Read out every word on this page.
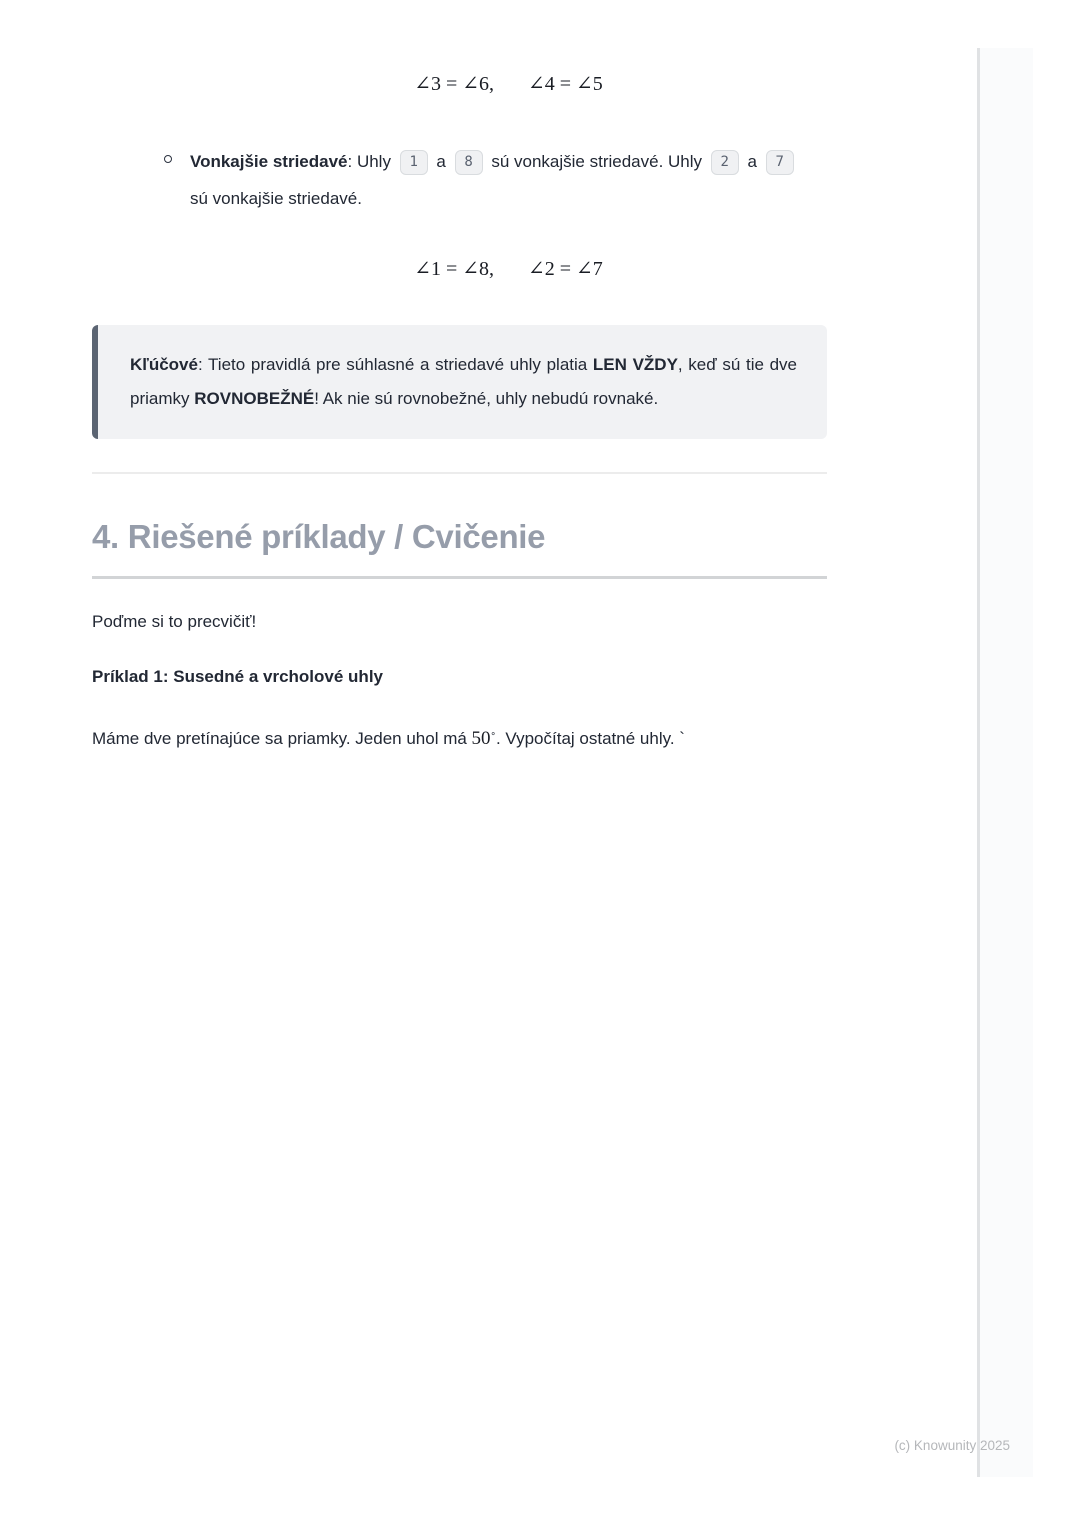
∠3 = ∠6, ∠4 = ∠5
Vonkajšie striedavé: Uhly 1 a 8 sú vonkajšie striedavé. Uhly 2 a 7 sú vonkajšie striedavé.
∠1 = ∠8, ∠2 = ∠7
Kľúčové: Tieto pravidlá pre súhlasné a striedavé uhly platia LEN VŽDY, keď sú tie dve priamky ROVNOBEŽNÉ! Ak nie sú rovnobežné, uhly nebudú rovnaké.
4. Riešené príklady / Cvičenie

Poďme si to precvičiť!

Príklad 1: Susedné a vrcholové uhly

Máme dve pretínajúce sa priamky. Jeden uhol má 50∘. Vypočítaj ostatné uhly. `

(c) Knowunity 2025
